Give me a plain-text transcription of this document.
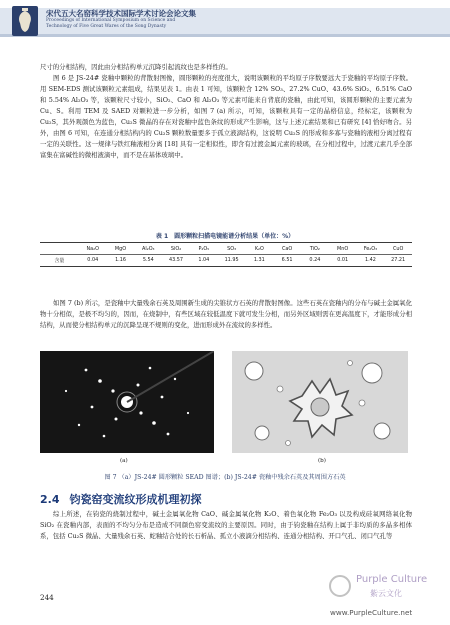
宋代五大名窑科学技术国际学术讨论会论文集
Proceedings of International Symposium on Science and
Technology of Five Great Wares of the Song Dynasty
尺寸的分相结构，因此由分相结构单元沉降引起流纹也是多样性的。
图 6 是 JS-24# 瓷釉中颗粒的背散射图像，圆形颗粒的亮度很大，说明该颗粒的平均原子序数要远大于瓷釉的平均原子序数。用 SEM-EDS 测试该颗粒元素组成，结果见表 1。由表 1 可知，该颗粒含 12% SO₃、27.2% CuO、43.6% SiO₂、6.51% CaO 和 5.54% Al₂O₃ 等，该颗粒尺寸较小，SiO₂、CaO 和 Al₂O₃ 等元素可能来自背底的瓷釉，由此可知，该圆形颗粒的主要元素为 Cu、S。利用 TEM 及 SAED 对颗粒进一步分析，如图 7 (a) 所示，可知，该颗粒具有一定的晶格信息，经标定，该颗粒为 Cu₂S，其外观颜色为蓝色，Cu₂S 微晶的存在对瓷釉中蓝色条纹的形成产生影响，这与上述元素结果和已有研究 [4] 恰好吻合。另外，由图 6 可知，在连通分相结构内的 Cu₂S 颗粒数量要多于孤立液滴结构，这说明 Cu₂S 的形成和多寡与瓷釉的液相分离过程有一定的关联性。这一规律与铁红釉液相分离 [18] 具有一定相似性，即含有过渡金属元素的玻璃，在分相过程中，过渡元素几乎全部富集在富碱性的微相液滴中，而不是在基体玻璃中。
表 1　圆形颗粒扫描电镜能谱分析结果（单位：%）
Na₂O	MgO	Al₂O₃	SiO₂	P₂O₅	SO₃	K₂O	CaO	TiO₂	MnO	Fe₂O₃	CuO
含量	0.04	1.16	5.54	43.57	1.04	11.95	1.31	6.51	0.24	0.01	1.42	27.21
如图 7 (b) 所示，是瓷釉中大量残余石英及周围新生成的尖锥状方石英的背散射图像。这些石英在瓷釉内的分布与碱土金属氧化物十分相似，是极不均匀的，因而，在烧制中，有些区域在较低温度下就可发生分相，而另外区域则需在更高温度下，才能形成分相结构，从而使分相结构单元的沉降呈现不规则的变化，进而形成外在流纹的多样性。
(a)	(b)
图 7 （a）JS-24# 圆形颗粒 SEAD 图谱；(b) JS-24# 瓷釉中残余石英及其周围方石英
2.4 钧瓷窑变流纹形成机理初探
综上所述，在钧瓷的烧制过程中，碱土金属氧化物 CaO、碱金属氧化物 K₂O、着色氧化物 Fe₂O₃ 以及构成硅氧网络氧化物 SiO₂ 在瓷釉内部，表面的不均匀分布是造成不同颜色窑变流纹的主要原因。同时，由于钧瓷釉在结构上属于非均质的多晶多相体系，包括 Cu₂S 微晶、大量残余石英、蛇釉结合处的长石析晶、孤立小液滴分相结构、连通分相结构、开口气孔、闭口气孔等
244
Purple Culture
紫云文化
www.PurpleCulture.net
